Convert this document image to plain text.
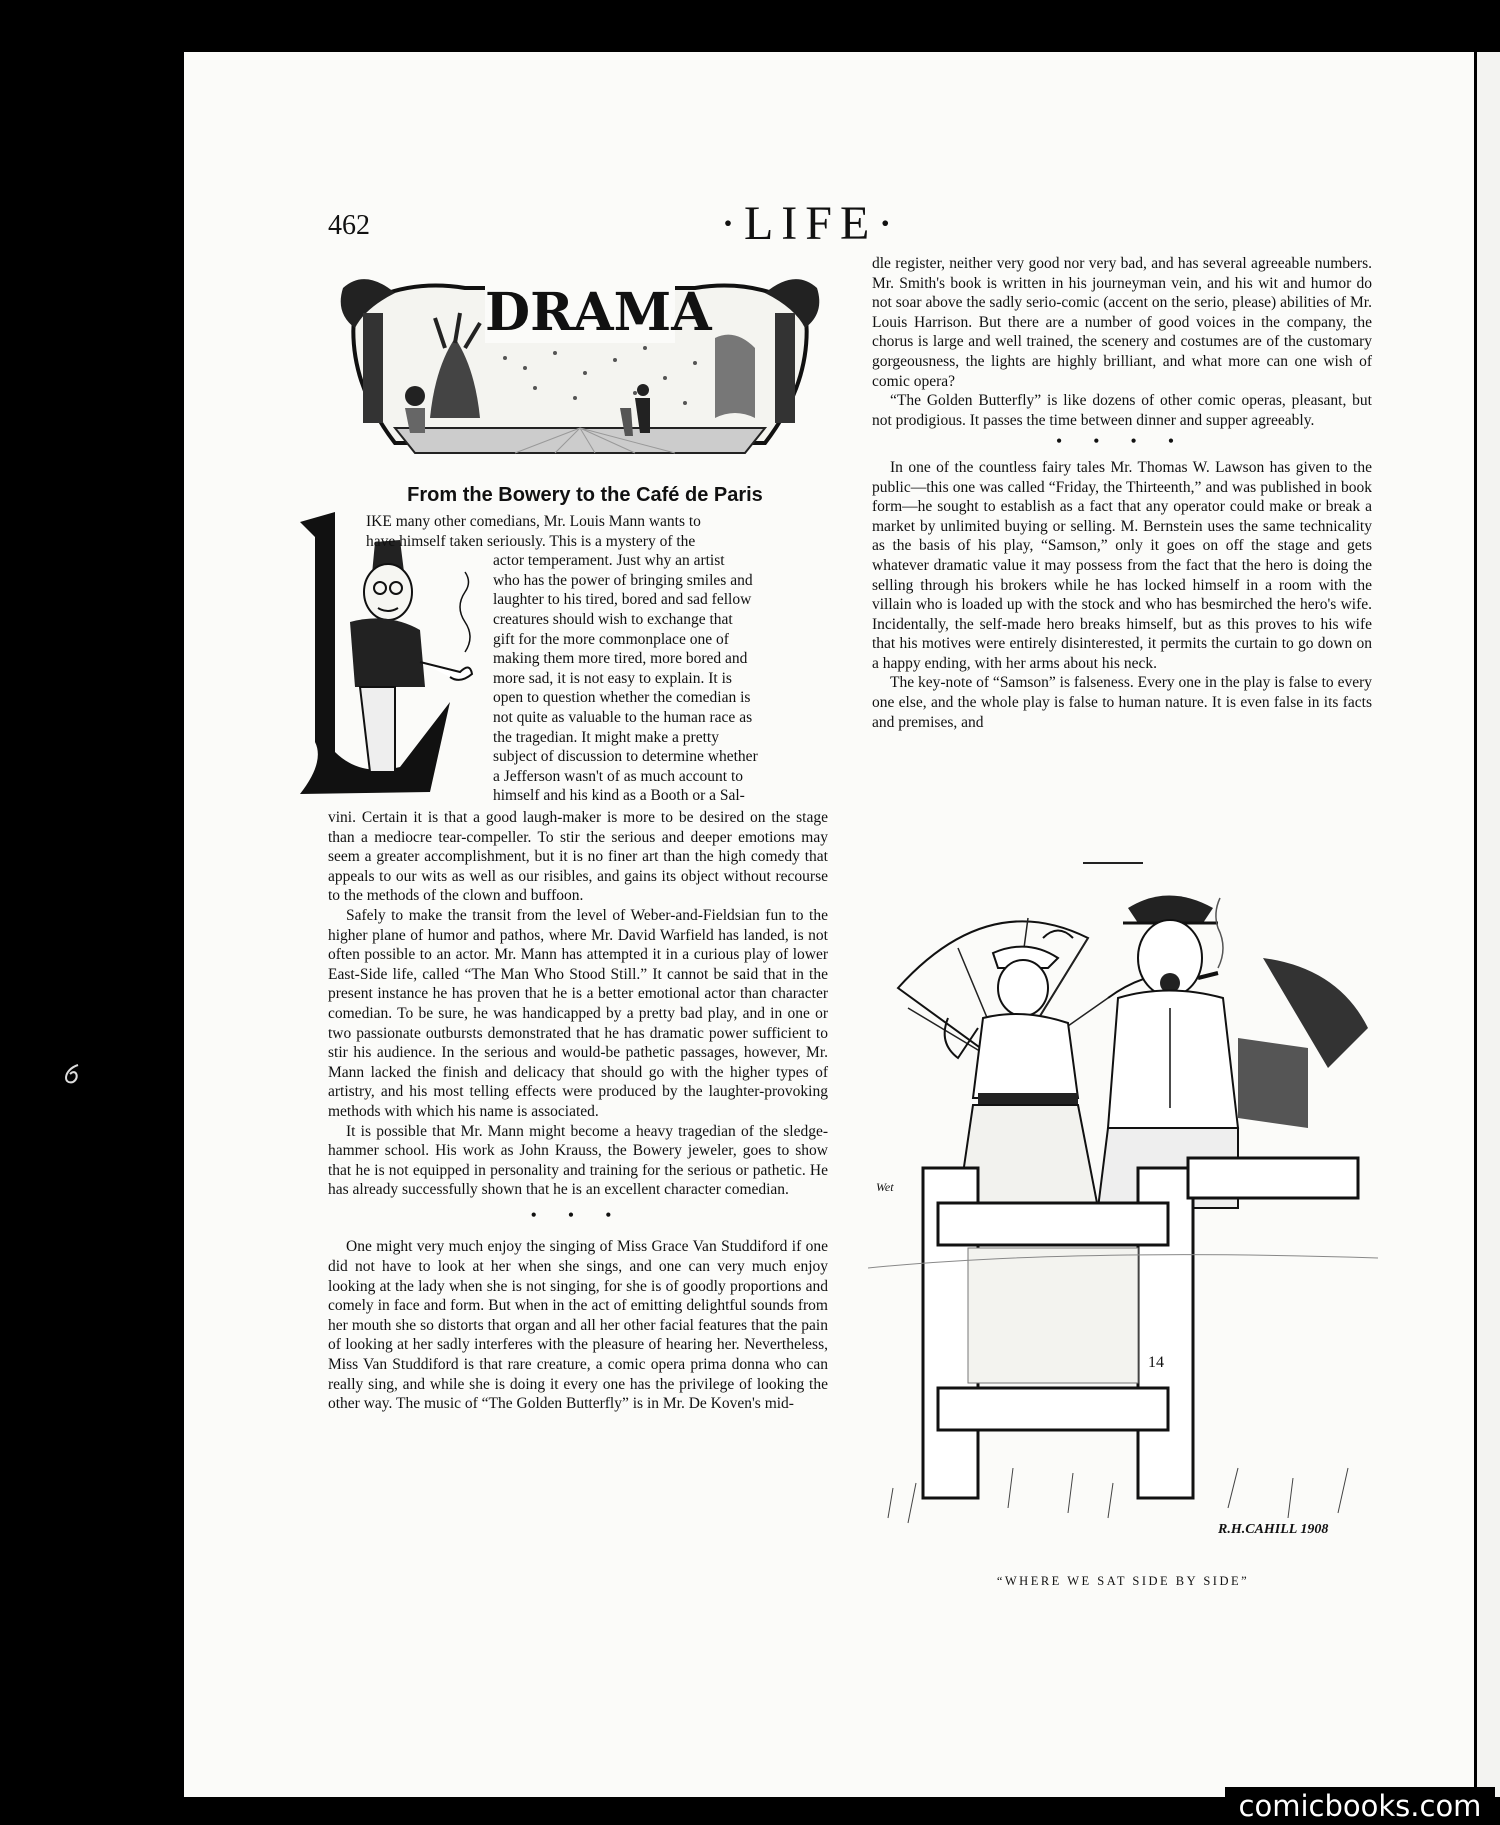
462	·LIFE·
DRAMA
From the Bowery to the Café de Paris
IKE many other comedians, Mr. Louis Mann wants to
have himself taken seriously. This is a mystery of the
actor temperament. Just why an artist
who has the power of bringing smiles and
laughter to his tired, bored and sad fellow
creatures should wish to exchange that
gift for the more commonplace one of
making them more tired, more bored and
more sad, it is not easy to explain. It is
open to question whether the comedian is
not quite as valuable to the human race as
the tragedian. It might make a pretty
subject of discussion to determine whether
a Jefferson wasn't of as much account to
himself and his kind as a Booth or a Sal-

vini. Certain it is that a good laugh-maker is more to be desired on the stage than a mediocre tear-compeller. To stir the serious and deeper emotions may seem a greater accomplishment, but it is no finer art than the high comedy that appeals to our wits as well as our risibles, and gains its object without recourse to the methods of the clown and buffoon.

Safely to make the transit from the level of Weber-and-Fieldsian fun to the higher plane of humor and pathos, where Mr. David Warfield has landed, is not often possible to an actor. Mr. Mann has attempted it in a curious play of lower East-Side life, called “The Man Who Stood Still.” It cannot be said that in the present instance he has proven that he is a better emotional actor than character comedian. To be sure, he was handicapped by a pretty bad play, and in one or two passionate outbursts demonstrated that he has dramatic power sufficient to stir his audience. In the serious and would-be pathetic passages, however, Mr. Mann lacked the finish and delicacy that should go with the higher types of artistry, and his most telling effects were produced by the laughter-provoking methods with which his name is associated.

It is possible that Mr. Mann might become a heavy tragedian of the sledge-hammer school. His work as John Krauss, the Bowery jeweler, goes to show that he is not equipped in personality and training for the serious or pathetic. He has already successfully shown that he is an excellent character comedian.

• • •

One might very much enjoy the singing of Miss Grace Van Studdiford if one did not have to look at her when she sings, and one can very much enjoy looking at the lady when she is not singing, for she is of goodly proportions and comely in face and form. But when in the act of emitting delightful sounds from her mouth she so distorts that organ and all her other facial features that the pain of looking at her sadly interferes with the pleasure of hearing her. Nevertheless, Miss Van Studdiford is that rare creature, a comic opera prima donna who can really sing, and while she is doing it every one has the privilege of looking the other way. The music of “The Golden Butterfly” is in Mr. De Koven's mid-

dle register, neither very good nor very bad, and has several agreeable numbers. Mr. Smith's book is written in his journeyman vein, and his wit and humor do not soar above the sadly serio-comic (accent on the serio, please) abilities of Mr. Louis Harrison. But there are a number of good voices in the company, the chorus is large and well trained, the scenery and costumes are of the customary gorgeousness, the lights are highly brilliant, and what more can one wish of comic opera?

“The Golden Butterfly” is like dozens of other comic operas, pleasant, but not prodigious. It passes the time between dinner and supper agreeably.

• • • •

In one of the countless fairy tales Mr. Thomas W. Lawson has given to the public—this one was called “Friday, the Thirteenth,” and was published in book form—he sought to establish as a fact that any operator could make or break a market by unlimited buying or selling. M. Bernstein uses the same technicality as the basis of his play, “Samson,” only it goes on off the stage and gets whatever dramatic value it may possess from the fact that the hero is doing the selling through his brokers while he has locked himself in a room with the villain who is loaded up with the stock and who has besmirched the hero's wife. Incidentally, the self-made hero breaks himself, but as this proves to his wife that his motives were entirely disinterested, it permits the curtain to go down on a happy ending, with her arms about his neck.

The key-note of “Samson” is falseness. Every one in the play is false to every one else, and the whole play is false to human nature. It is even false in its facts and premises, and

Wet
14
R.H.CAHILL 1908
“WHERE WE SAT SIDE BY SIDE”
comicbooks.com
